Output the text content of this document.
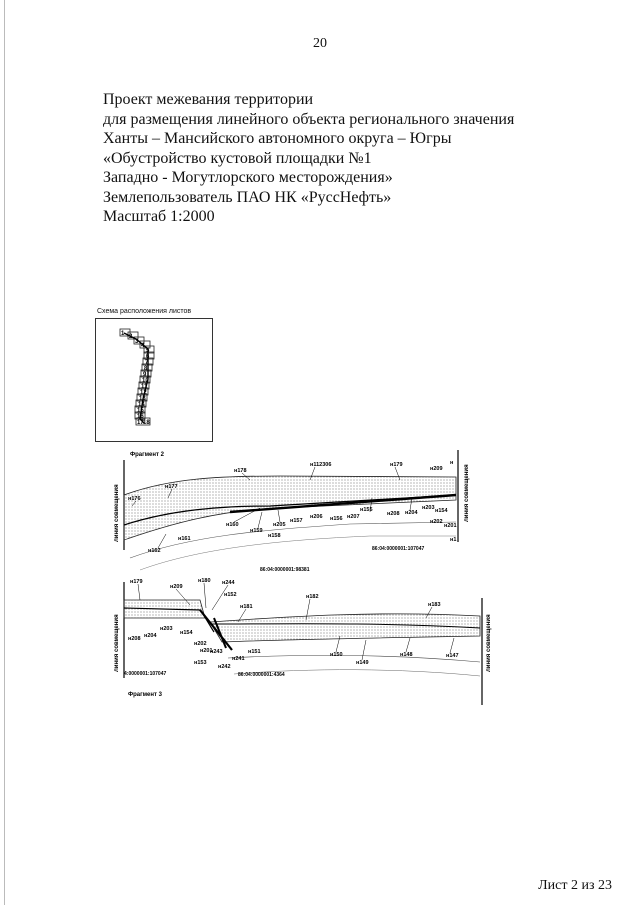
20
Проект межевания территории
для размещения линейного объекта регионального значения
Ханты – Мансийского автономного округа – Югры
«Обустройство кустовой площадки №1
Западно - Могутлорского месторождения»
Землепользователь ПАО НК «РуссНефть»
Масштаб 1:2000
Схема расположения листов
1 2
3
4
5
6
7
8
9
10
11
12
13
14
15
16
17 18
Фрагмент 2
линия совмещения	линия совмещения
н176
н177
н178
н112306	н179
н209
н
н162
н161
н160
н159
н158
н205
н157
н206 н156 н207
н155
н208 н204
н203 н154
н202
н201
н1
86:04:0000001:107047
86:04:0000001:98381
линия совмещения	линия совмещения
н179
н209
н180 н244
н152
н181
н182
н183
н208 н204
н203
н154
н202
н201
н243
н153
н242
н241
н151	н150
н149
н148	н147
4:0000001:107047	86:04:0000001:4364
Фрагмент 3
Лист 2 из 23
